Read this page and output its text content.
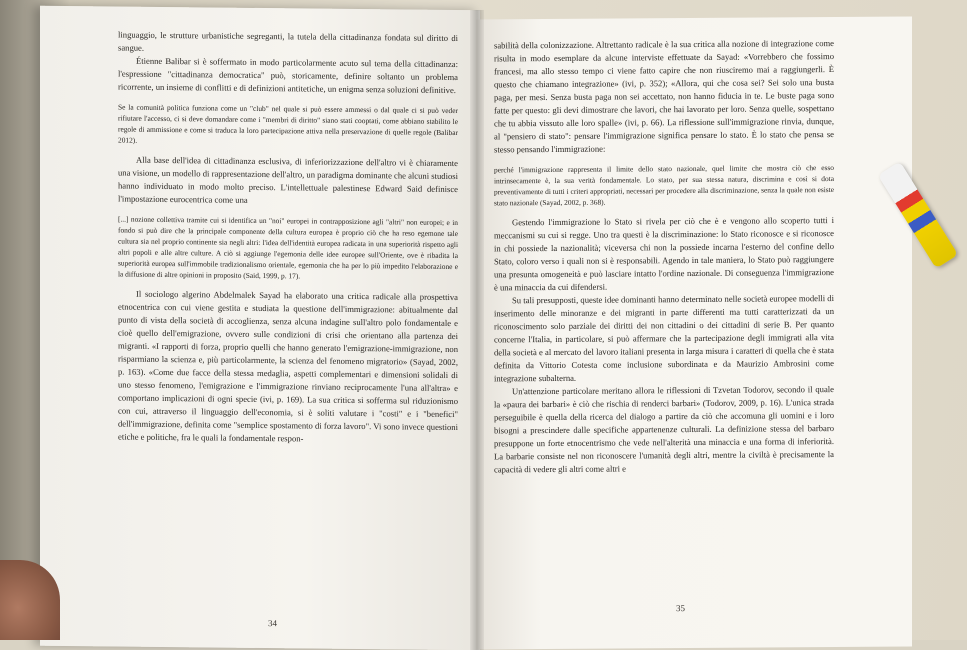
linguaggio, le strutture urbanistiche segreganti, la tutela della cittadinanza fondata sul diritto di sangue.

Étienne Balibar si è soffermato in modo particolarmente acuto sul tema della cittadinanza: l'espressione "cittadinanza democratica" può, storicamente, definire soltanto un problema ricorrente, un insieme di conflitti e di definizioni antitetiche, un enigma senza soluzioni definitive.

Se la comunità politica funziona come un "club" nel quale si può essere ammessi o dal quale ci si può veder rifiutare l'accesso, ci si deve domandare come i "membri di diritto" siano stati cooptati, come abbiano stabilito le regole di ammissione e come si traduca la loro partecipazione attiva nella preservazione di quelle regole (Balibar 2012).

Alla base dell'idea di cittadinanza esclusiva, di inferiorizzazione dell'altro vi è chiaramente una visione, un modello di rappresentazione dell'altro, un paradigma dominante che alcuni studiosi hanno individuato in modo molto preciso. L'intellettuale palestinese Edward Said definisce l'impostazione eurocentrica come una

[...] nozione collettiva tramite cui si identifica un "noi" europei in contrapposizione agli "altri" non europei; e in fondo si può dire che la principale componente della cultura europea è proprio ciò che ha reso egemone tale cultura sia nel proprio continente sia negli altri: l'idea dell'identità europea radicata in una superiorità rispetto agli altri popoli e alle altre culture. A ciò si aggiunge l'egemonia delle idee europee sull'Oriente, ove è ribadita la superiorità europea sull'immobile tradizionalismo orientale, egemonia che ha per lo più impedito l'elaborazione e la diffusione di altre opinioni in proposito (Said, 1999, p. 17).

Il sociologo algerino Abdelmalek Sayad ha elaborato una critica radicale alla prospettiva etnocentrica con cui viene gestita e studiata la questione dell'immigrazione: abitualmente dal punto di vista della società di accoglienza, senza alcuna indagine sull'altro polo fondamentale e cioè quello dell'emigrazione, ovvero sulle condizioni di crisi che orientano alla partenza dei migranti. «I rapporti di forza, proprio quelli che hanno generato l'emigrazione-immigrazione, non risparmiano la scienza e, più particolarmente, la scienza del fenomeno migratorio» (Sayad, 2002, p. 163). «Come due facce della stessa medaglia, aspetti complementari e dimensioni solidali di uno stesso fenomeno, l'emigrazione e l'immigrazione rinviano reciprocamente l'una all'altra» e comportano implicazioni di ogni specie (ivi, p. 169). La sua critica si sofferma sul riduzionismo con cui, attraverso il linguaggio dell'economia, si è soliti valutare i "costi" e i "benefici" dell'immigrazione, definita come "semplice spostamento di forza lavoro". Vi sono invece questioni etiche e politiche, fra le quali la fondamentale respon-

34

sabilità della colonizzazione. Altrettanto radicale è la sua critica alla nozione di integrazione come risulta in modo esemplare da alcune interviste effettuate da Sayad: «Vorrebbero che fossimo francesi, ma allo stesso tempo ci viene fatto capire che non riusciremo mai a raggiungerli. È questo che chiamano integrazione» (ivi, p. 352); «Allora, qui che cosa sei? Sei solo una busta paga, per mesi. Senza busta paga non sei accettato, non hanno fiducia in te. Le buste paga sono fatte per questo: gli devi dimostrare che lavori, che hai lavorato per loro. Senza quelle, sospettano che tu abbia vissuto alle loro spalle» (ivi, p. 66). La riflessione sull'immigrazione rinvia, dunque, al "pensiero di stato": pensare l'immigrazione significa pensare lo stato. È lo stato che pensa se stesso pensando l'immigrazione:

perché l'immigrazione rappresenta il limite dello stato nazionale, quel limite che mostra ciò che esso intrinsecamente è, la sua verità fondamentale. Lo stato, per sua stessa natura, discrimina e così si dota preventivamente di tutti i criteri appropriati, necessari per procedere alla discriminazione, senza la quale non esiste stato nazionale (Sayad, 2002, p. 368).

Gestendo l'immigrazione lo Stato si rivela per ciò che è e vengono allo scoperto tutti i meccanismi su cui si regge. Uno tra questi è la discriminazione: lo Stato riconosce e si riconosce in chi possiede la nazionalità; viceversa chi non la possiede incarna l'esterno del confine dello Stato, coloro verso i quali non si è responsabili. Agendo in tale maniera, lo Stato può raggiungere una presunta omogeneità e può lasciare intatto l'ordine nazionale. Di conseguenza l'immigrazione è una minaccia da cui difendersi.

Su tali presupposti, queste idee dominanti hanno determinato nelle società europee modelli di inserimento delle minoranze e dei migranti in parte differenti ma tutti caratterizzati da un riconoscimento solo parziale dei diritti dei non cittadini o dei cittadini di serie B. Per quanto concerne l'Italia, in particolare, si può affermare che la partecipazione degli immigrati alla vita della società e al mercato del lavoro italiani presenta in larga misura i caratteri di quella che è stata definita da Vittorio Cotesta come inclusione subordinata e da Maurizio Ambrosini come integrazione subalterna.

Un'attenzione particolare meritano allora le riflessioni di Tzvetan Todorov, secondo il quale la «paura dei barbari» è ciò che rischia di renderci barbari» (Todorov, 2009, p. 16). L'unica strada perseguibile è quella della ricerca del dialogo a partire da ciò che accomuna gli uomini e i loro bisogni a prescindere dalle specifiche appartenenze culturali. La definizione stessa del barbaro presuppone un forte etnocentrismo che vede nell'alterità una minaccia e una forma di inferiorità. La barbarie consiste nel non riconoscere l'umanità degli altri, mentre la civiltà è precisamente la capacità di vedere gli altri come altri e

35
